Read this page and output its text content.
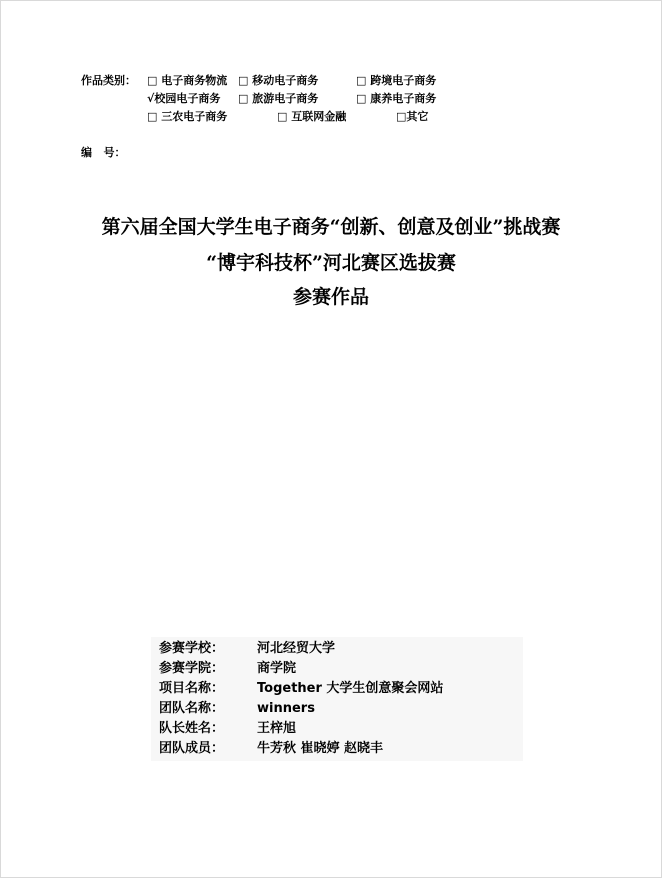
作品类别： □ 电子商务物流 □ 移动电子商务	□ 跨境电子商务
√校园电子商务 □ 旅游电子商务	□ 康养电子商务
□ 三农电子商务	□ 互联网金融	□其它
编   号：
第六届全国大学生电子商务“创新、创意及创业”挑战赛
“博宇科技杯”河北赛区选拔赛
参赛作品
参赛学校：	河北经贸大学
参赛学院：	商学院
项目名称：	Together 大学生创意聚会网站
团队名称：	winners
队长姓名：	王梓旭
团队成员：	牛芳秋 崔晓婷 赵晓丰
